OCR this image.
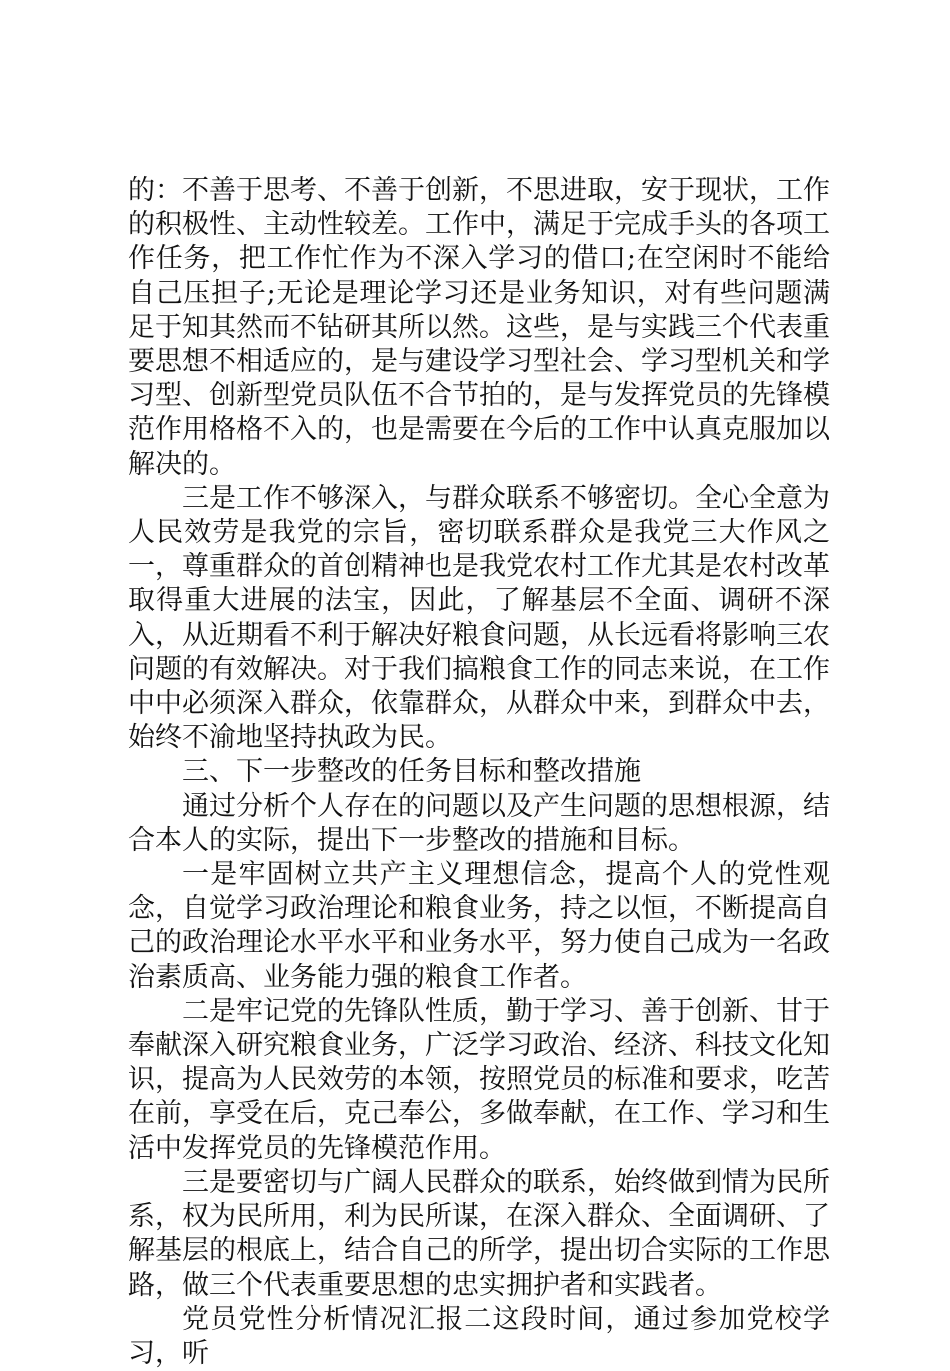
的：不善于思考、不善于创新，不思进取，安于现状，工作的积极性、主动性较差。工作中，满足于完成手头的各项工作任务，把工作忙作为不深入学习的借口;在空闲时不能给自己压担子;无论是理论学习还是业务知识，对有些问题满足于知其然而不钻研其所以然。这些，是与实践三个代表重要思想不相适应的，是与建设学习型社会、学习型机关和学习型、创新型党员队伍不合节拍的，是与发挥党员的先锋模范作用格格不入的，也是需要在今后的工作中认真克服加以解决的。

三是工作不够深入，与群众联系不够密切。全心全意为人民效劳是我党的宗旨，密切联系群众是我党三大作风之一，尊重群众的首创精神也是我党农村工作尤其是农村改革取得重大进展的法宝，因此，了解基层不全面、调研不深入，从近期看不利于解决好粮食问题，从长远看将影响三农问题的有效解决。对于我们搞粮食工作的同志来说，在工作中中必须深入群众，依靠群众，从群众中来，到群众中去，始终不渝地坚持执政为民。

三、下一步整改的任务目标和整改措施

通过分析个人存在的问题以及产生问题的思想根源，结合本人的实际，提出下一步整改的措施和目标。

一是牢固树立共产主义理想信念，提高个人的党性观念，自觉学习政治理论和粮食业务，持之以恒，不断提高自己的政治理论水平水平和业务水平，努力使自己成为一名政治素质高、业务能力强的粮食工作者。

二是牢记党的先锋队性质，勤于学习、善于创新、甘于奉献深入研究粮食业务，广泛学习政治、经济、科技文化知识，提高为人民效劳的本领，按照党员的标准和要求，吃苦在前，享受在后，克己奉公，多做奉献，在工作、学习和生活中发挥党员的先锋模范作用。

三是要密切与广阔人民群众的联系，始终做到情为民所系，权为民所用，利为民所谋，在深入群众、全面调研、了解基层的根底上，结合自己的所学，提出切合实际的工作思路，做三个代表重要思想的忠实拥护者和实践者。

党员党性分析情况汇报二这段时间，通过参加党校学习，听
